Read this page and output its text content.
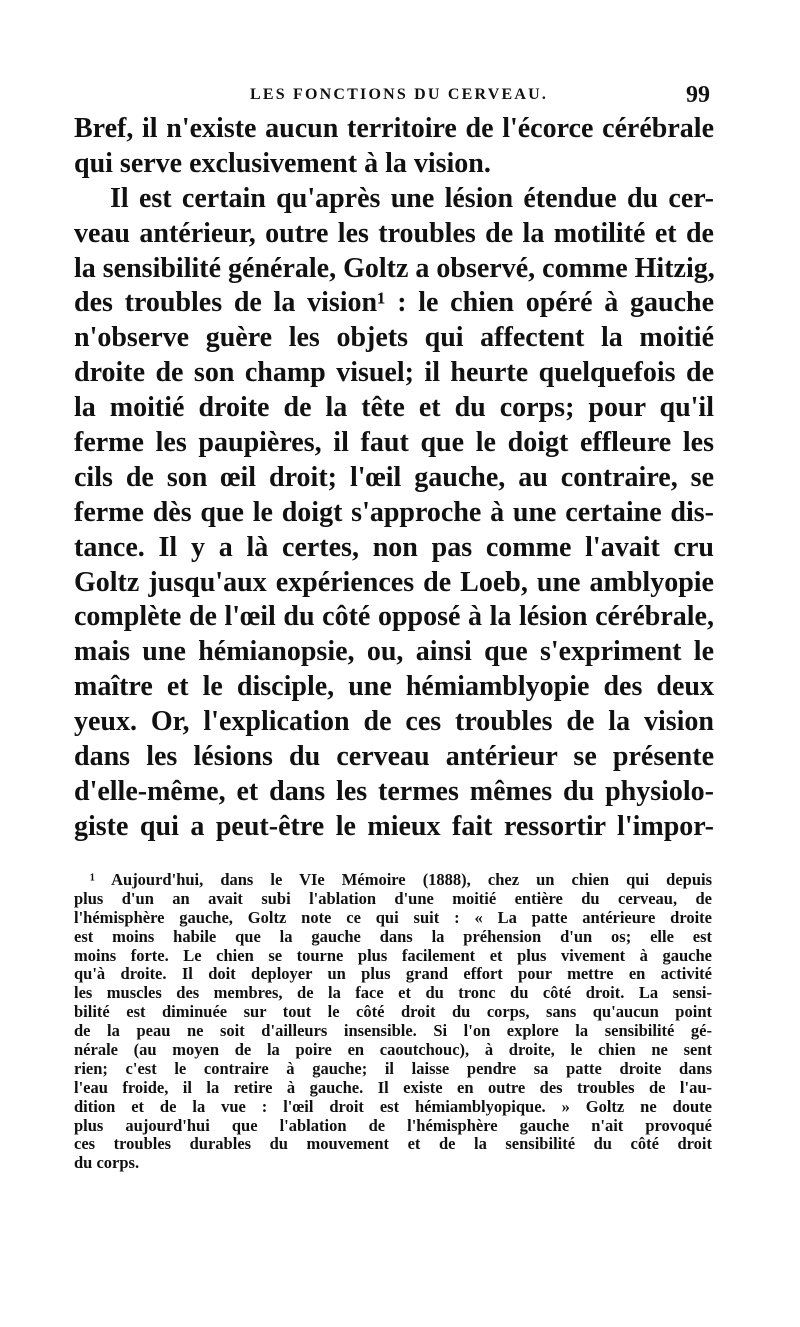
LES FONCTIONS DU CERVEAU.	99
Bref, il n'existe aucun territoire de l'écorce cérébrale
qui serve exclusivement à la vision.
Il est certain qu'après une lésion étendue du cer-
veau antérieur, outre les troubles de la motilité et de
la sensibilité générale, Goltz a observé, comme Hitzig,
des troubles de la vision¹ : le chien opéré à gauche
n'observe guère les objets qui affectent la moitié
droite de son champ visuel; il heurte quelquefois de
la moitié droite de la tête et du corps; pour qu'il
ferme les paupières, il faut que le doigt effleure les
cils de son œil droit; l'œil gauche, au contraire, se
ferme dès que le doigt s'approche à une certaine dis-
tance. Il y a là certes, non pas comme l'avait cru
Goltz jusqu'aux expériences de Loeb, une amblyopie
complète de l'œil du côté opposé à la lésion cérébrale,
mais une hémianopsie, ou, ainsi que s'expriment le
maître et le disciple, une hémiamblyopie des deux
yeux. Or, l'explication de ces troubles de la vision
dans les lésions du cerveau antérieur se présente
d'elle-même, et dans les termes mêmes du physiolo-
giste qui a peut-être le mieux fait ressortir l'impor-
¹ Aujourd'hui, dans le VIe Mémoire (1888), chez un chien qui depuis
plus d'un an avait subi l'ablation d'une moitié entière du cerveau, de
l'hémisphère gauche, Goltz note ce qui suit : « La patte antérieure droite
est moins habile que la gauche dans la préhension d'un os; elle est
moins forte. Le chien se tourne plus facilement et plus vivement à gauche
qu'à droite. Il doit deployer un plus grand effort pour mettre en activité
les muscles des membres, de la face et du tronc du côté droit. La sensi-
bilité est diminuée sur tout le côté droit du corps, sans qu'aucun point
de la peau ne soit d'ailleurs insensible. Si l'on explore la sensibilité gé-
nérale (au moyen de la poire en caoutchouc), à droite, le chien ne sent
rien; c'est le contraire à gauche; il laisse pendre sa patte droite dans
l'eau froide, il la retire à gauche. Il existe en outre des troubles de l'au-
dition et de la vue : l'œil droit est hémiamblyopique. » Goltz ne doute
plus aujourd'hui que l'ablation de l'hémisphère gauche n'ait provoqué
ces troubles durables du mouvement et de la sensibilité du côté droit
du corps.
